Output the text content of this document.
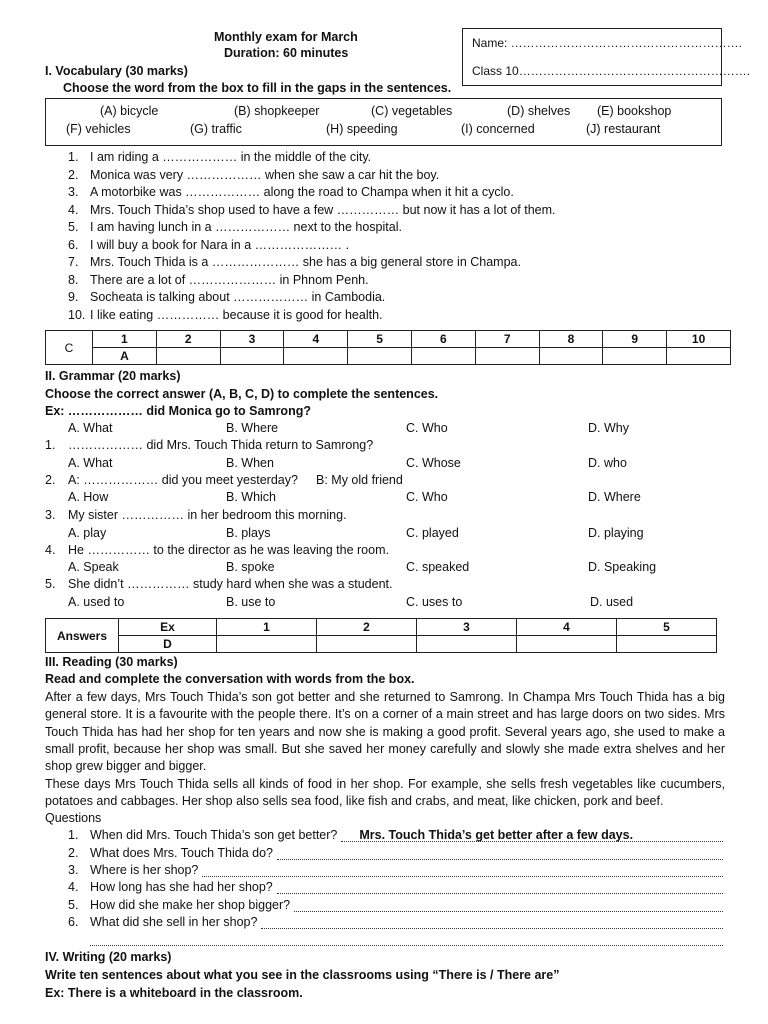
Monthly exam for March
Duration: 60 minutes
Name: ………………………………………………….
Class 10………………………………………………….
I. Vocabulary (30 marks)
Choose the word from the box to fill in the gaps in the sentences.
(A) bicycle	(B) shopkeeper	(C) vegetables	(D) shelves (E) bookshop
(F) vehicles	(G) traffic	(H) speeding	(I) concerned	(J) restaurant
1. I am riding a ……………… in the middle of the city.
2. Monica was very ……………… when she saw a car hit the boy.
3. A motorbike was ……………… along the road to Champa when it hit a cyclo.
4. Mrs. Touch Thida’s shop used to have a few …………… but now it has a lot of them.
5. I am having lunch in a ……………… next to the hospital.
6. I will buy a book for Nara in a ………………… .
7. Mrs. Touch Thida is a ………………… she has a big general store in Champa.
8. There are a lot of ………………… in Phnom Penh.
9. Socheata is talking about ……………… in Cambodia.
10. I like eating …………… because it is good for health.
C	1	2	3	4	5	6	7	8	9	10
	A									
II. Grammar (20 marks)
Choose the correct answer (A, B, C, D) to complete the sentences.
Ex: ……………… did Monica go to Samrong?
A. What	B. Where	C. Who	D. Why
1. ……………… did Mrs. Touch Thida return to Samrong?
A. What	B. When	C. Whose	D. who
2. A: ……………… did you meet yesterday? B: My old friend
A. How	B. Which	C. Who	D. Where
3. My sister …………… in her bedroom this morning.
A. play	B. plays	C. played	D. playing
4. He …………… to the director as he was leaving the room.
A. Speak	B. spoke	C. speaked	D. Speaking
5. She didn’t …………… study hard when she was a student.
A. used to	B. use to	C. uses to	D. used
Answers	Ex	1	2	3	4	5
	D					
III. Reading (30 marks)
Read and complete the conversation with words from the box.
After a few days, Mrs Touch Thida’s son got better and she returned to Samrong. In Champa Mrs Touch Thida has a big general store. It is a favourite with the people there. It’s on a corner of a main street and has large doors on two sides. Mrs Touch Thida has had her shop for ten years and now she is making a good profit. Several years ago, she used to make a small profit, because her shop was small. But she saved her money carefully and slowly she made extra shelves and her shop grew bigger and bigger.
These days Mrs Touch Thida sells all kinds of food in her shop. For example, she sells fresh vegetables like cucumbers, potatoes and cabbages. Her shop also sells sea food, like fish and crabs, and meat, like chicken, pork and beef.
Questions
1. When did Mrs. Touch Thida’s son get better?	Mrs. Touch Thida’s get better after a few days.
2. What does Mrs. Touch Thida do?
3. Where is her shop?
4. How long has she had her shop?
5. How did she make her shop bigger?
6. What did she sell in her shop?
IV. Writing (20 marks)
Write ten sentences about what you see in the classrooms using “There is / There are”
Ex: There is a whiteboard in the classroom.
